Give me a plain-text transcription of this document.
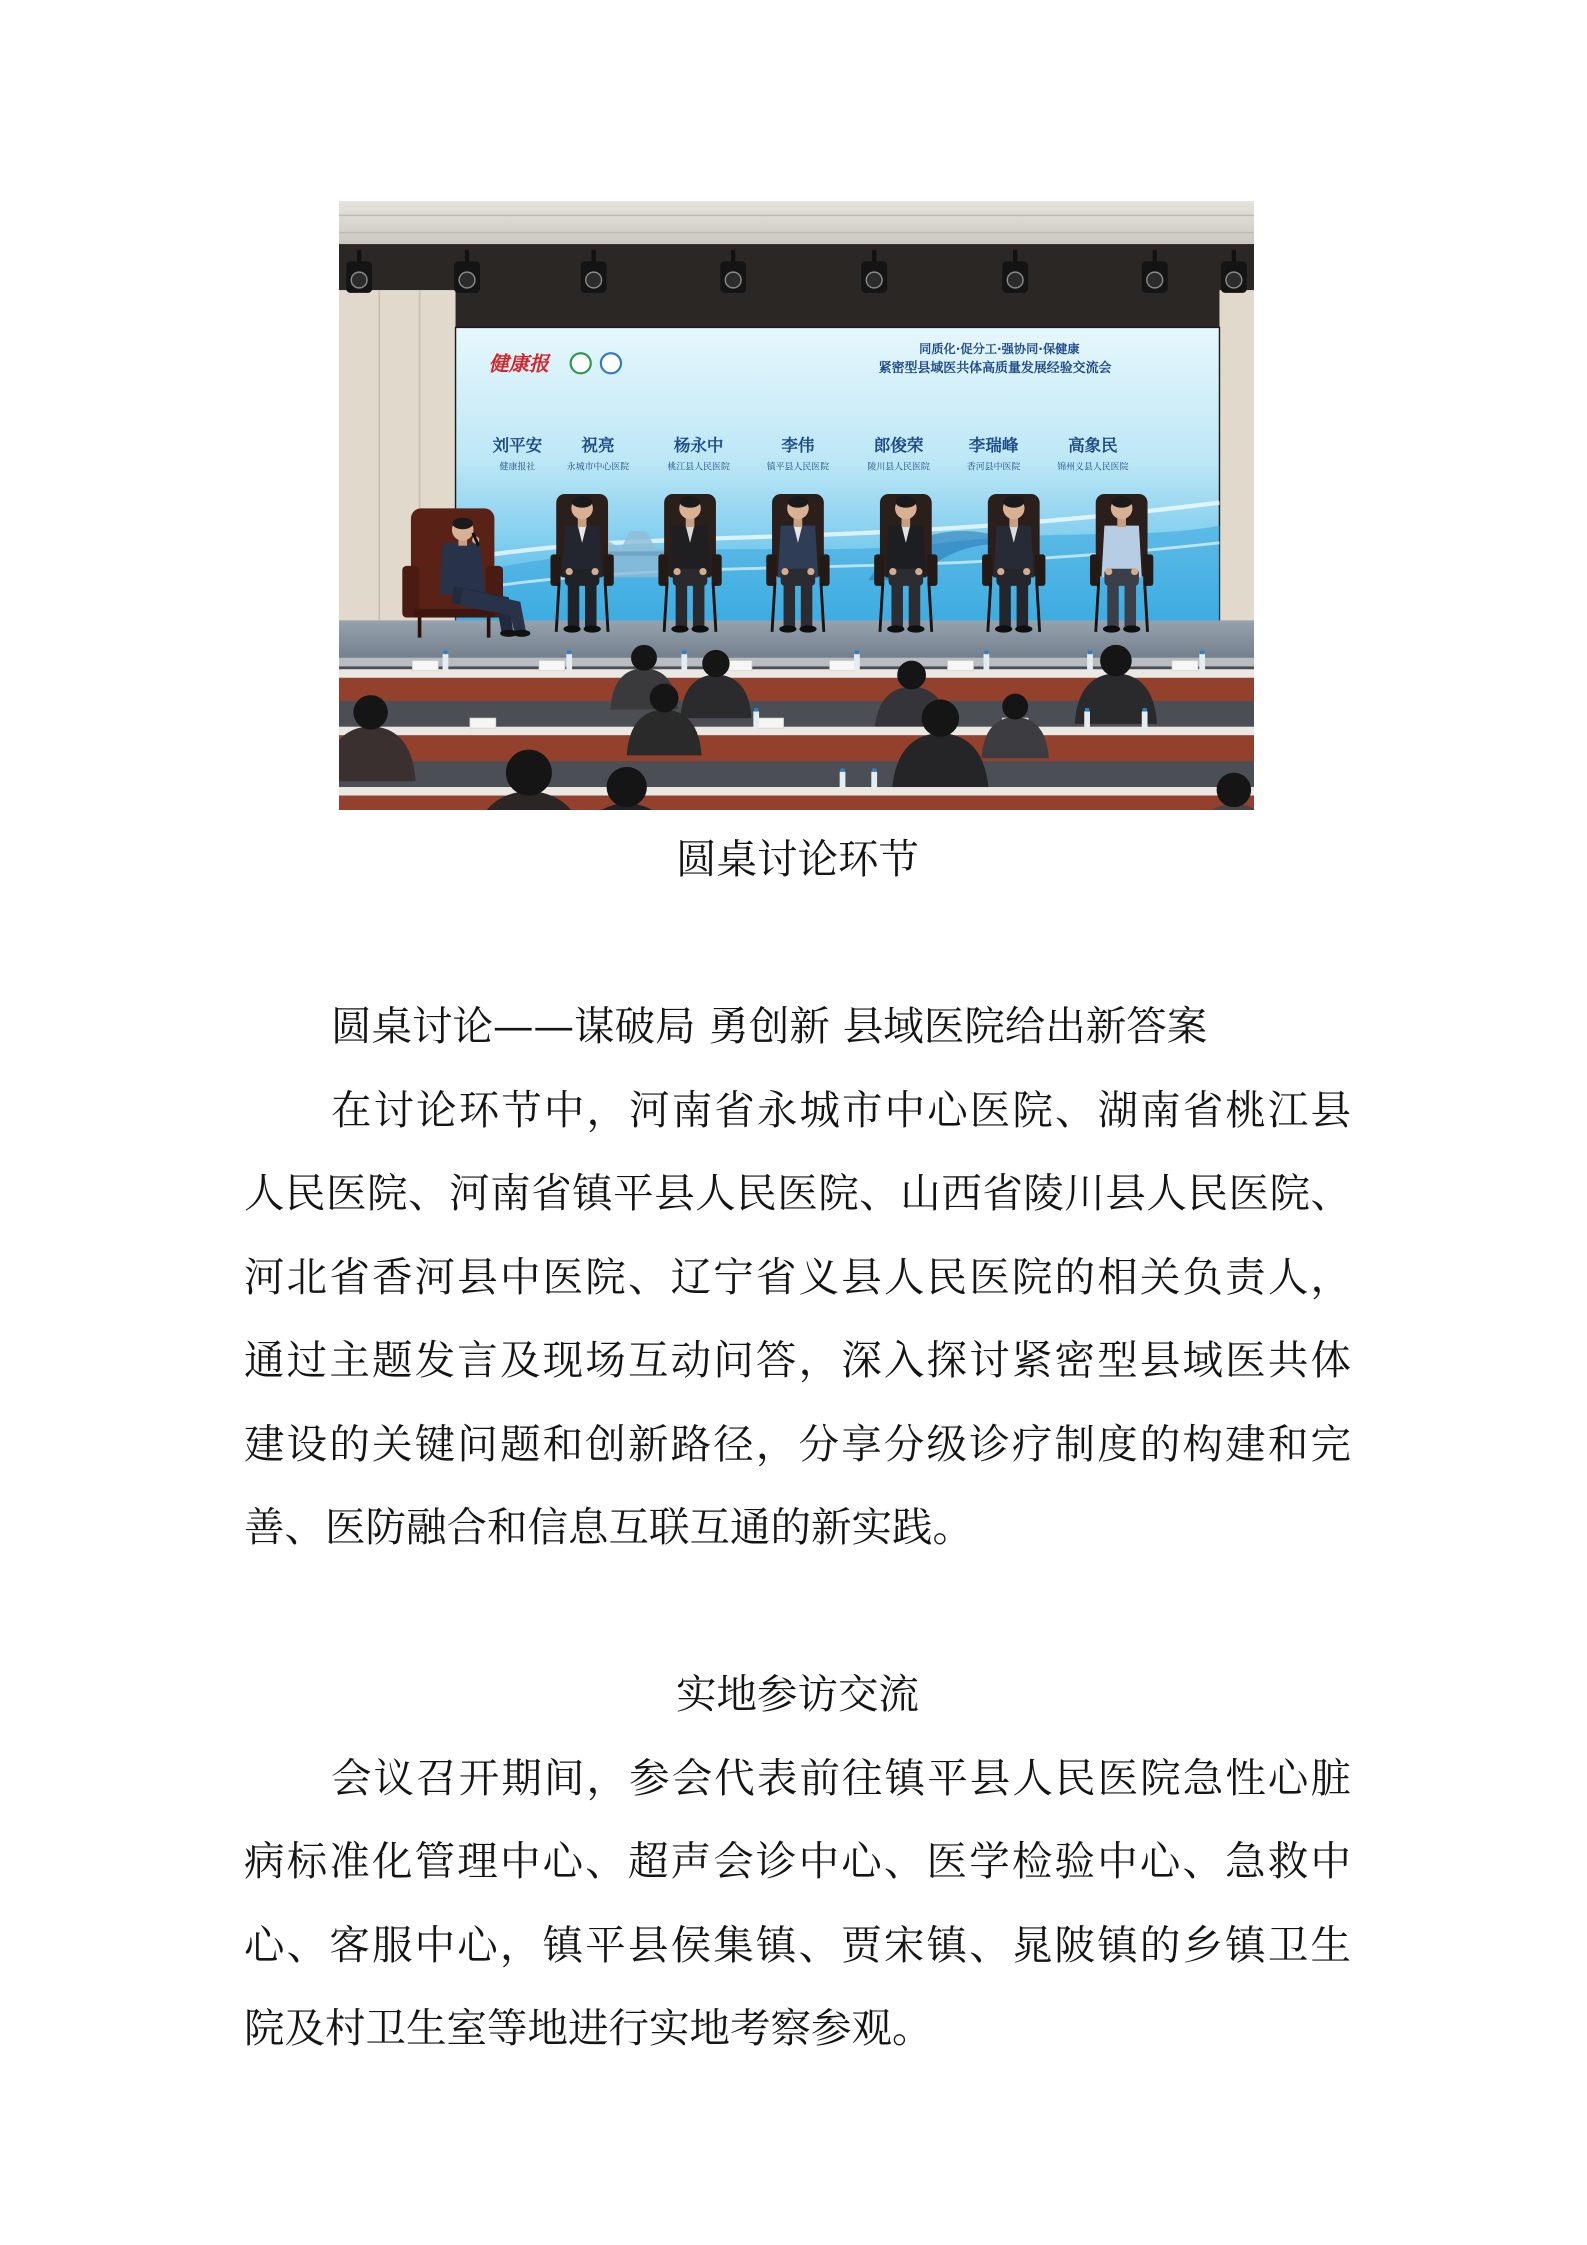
健康报
同质化·促分工·强协同·保健康
紧密型县域医共体高质量发展经验交流会
刘平安
健康报社
祝亮
永城市中心医院
杨永中
桃江县人民医院
李伟
镇平县人民医院
郎俊荣
陵川县人民医院
李瑞峰
香河县中医院
高象民
锦州义县人民医院
圆桌讨论环节
圆桌讨论——谋破局 勇创新 县域医院给出新答案
在讨论环节中，河南省永城市中心医院、湖南省桃江县
人民医院、河南省镇平县人民医院、山西省陵川县人民医院、
河北省香河县中医院、辽宁省义县人民医院的相关负责人，
通过主题发言及现场互动问答，深入探讨紧密型县域医共体
建设的关键问题和创新路径，分享分级诊疗制度的构建和完
善、医防融合和信息互联互通的新实践。
实地参访交流
会议召开期间，参会代表前往镇平县人民医院急性心脏
病标准化管理中心、超声会诊中心、医学检验中心、急救中
心、客服中心，镇平县侯集镇、贾宋镇、晁陂镇的乡镇卫生
院及村卫生室等地进行实地考察参观。
